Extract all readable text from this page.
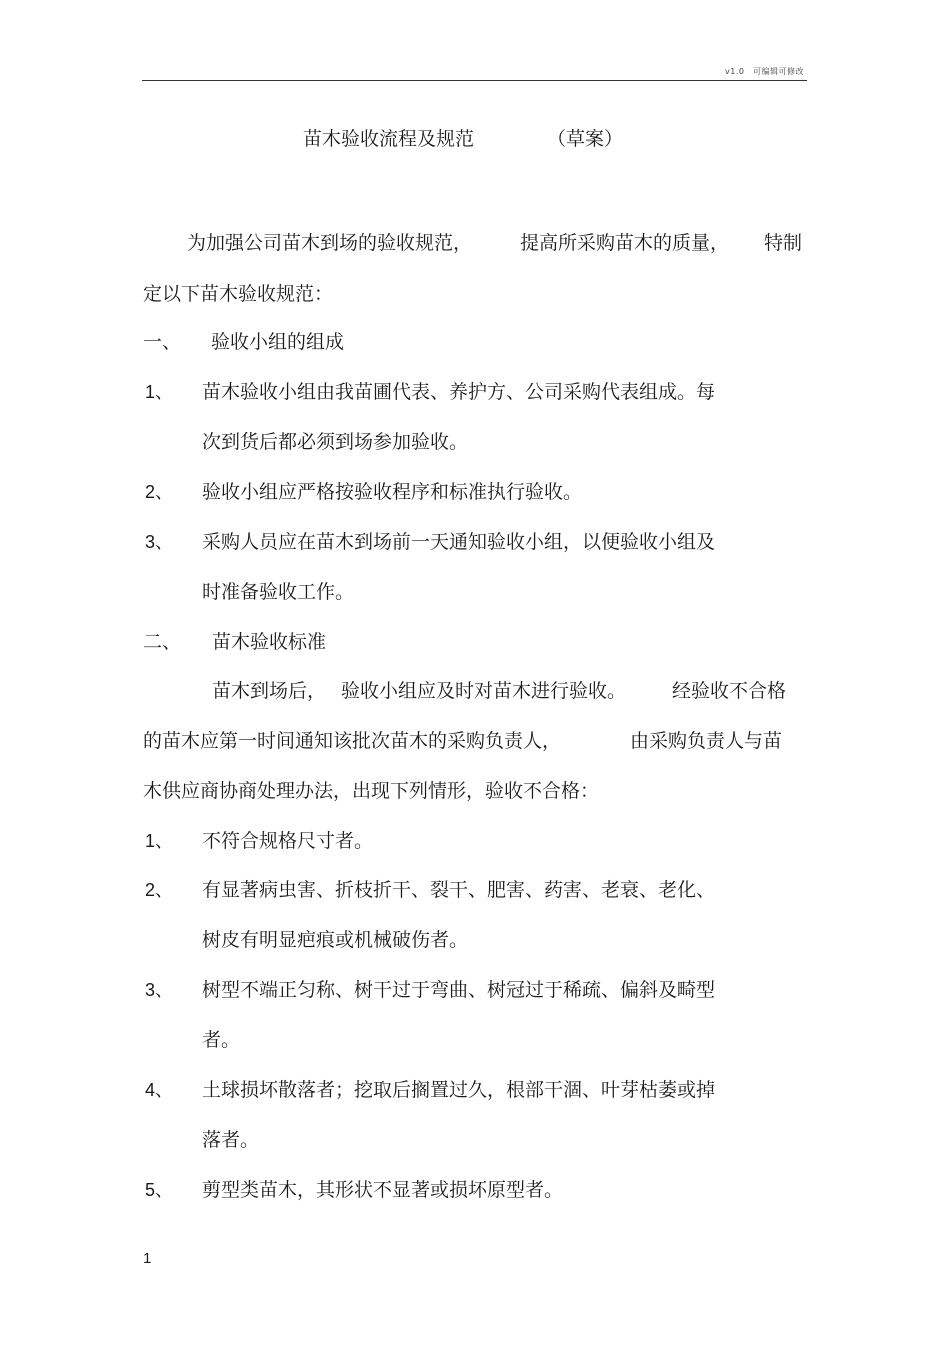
v1.0　可编辑可修改
苗木验收流程及规范	（草案）
为加强公司苗木到场的验收规范，	提高所采购苗木的质量， 特制
定以下苗木验收规范：
一、 验收小组的组成
1、 苗木验收小组由我苗圃代表、养护方、公司采购代表组成。每
次到货后都必须到场参加验收。
2、 验收小组应严格按验收程序和标准执行验收。
3、 采购人员应在苗木到场前一天通知验收小组，以便验收小组及
时准备验收工作。
二、 苗木验收标准
苗木到场后， 验收小组应及时对苗木进行验收。 经验收不合格
的苗木应第一时间通知该批次苗木的采购负责人，	由采购负责人与苗
木供应商协商处理办法，出现下列情形，验收不合格：
1、 不符合规格尺寸者。
2、 有显著病虫害、折枝折干、裂干、肥害、药害、老衰、老化、
树皮有明显疤痕或机械破伤者。
3、 树型不端正匀称、树干过于弯曲、树冠过于稀疏、偏斜及畸型
者。
4、 土球损坏散落者；挖取后搁置过久，根部干涸、叶芽枯萎或掉
落者。
5、 剪型类苗木，其形状不显著或损坏原型者。
1
